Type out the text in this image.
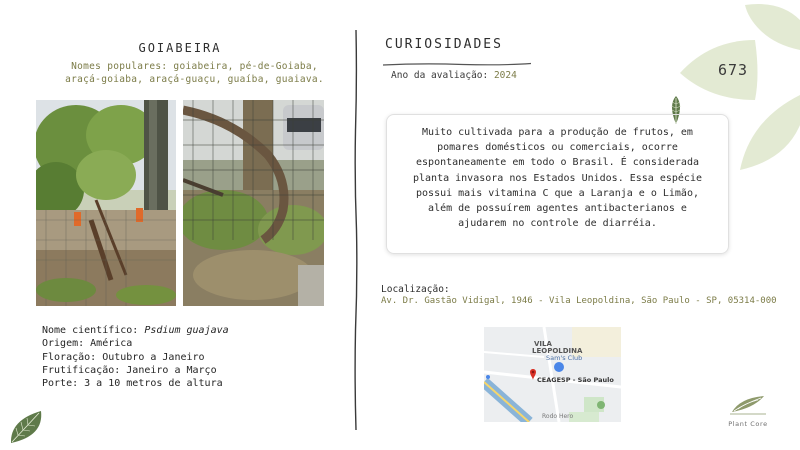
GOIABEIRA
Nomes populares: goiabeira, pé-de-Goiaba, araçá-goiaba, araçá-guaçu, guaíba, guaiava.
Nome científico: Psdium guajava
Origem: América
Floração: Outubro a Janeiro
Frutificação: Janeiro a Março
Porte: 3 a 10 metros de altura
CURIOSIDADES
Ano da avaliação: 2024	673
Muito cultivada para a produção de frutos, em pomares domésticos ou comerciais, ocorre espontaneamente em todo o Brasil. É considerada planta invasora nos Estados Unidos. Essa espécie possui mais vitamina C que a Laranja e o Limão, além de possuírem agentes antibacterianos e ajudarem no controle de diarréia.
Localização:
Av. Dr. Gastão Vidigal, 1946 - Vila Leopoldina, São Paulo - SP, 05314-000
VILA
LEOPOLDINA
Sam's Club
CEAGESP - São Paulo
Rodo Hero
Plant Core
